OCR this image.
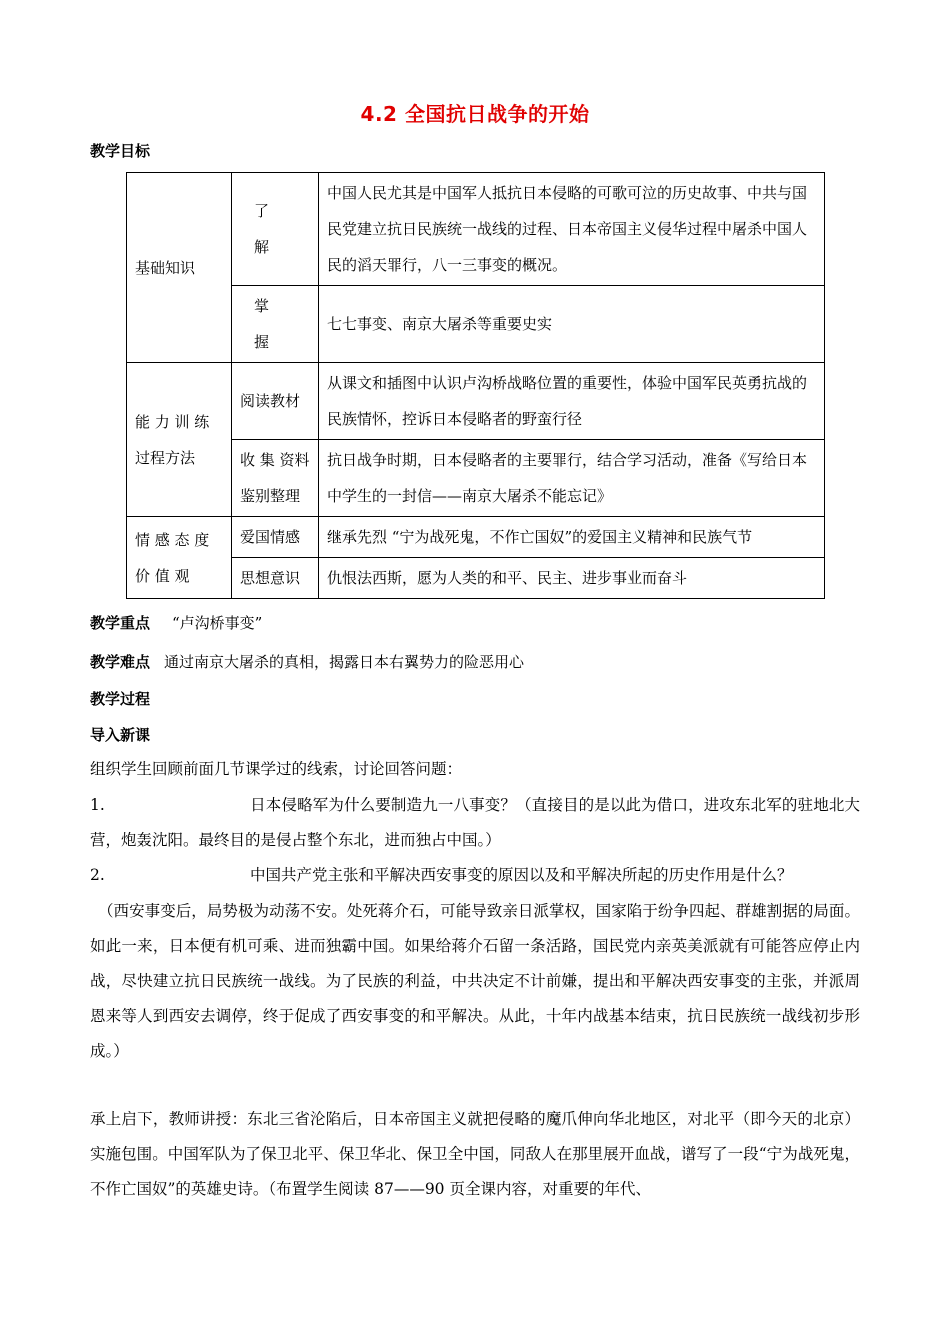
4.2 全国抗日战争的开始
教学目标
基础知识	了 解	中国人民尤其是中国军人抵抗日本侵略的可歌可泣的历史故事、中共与国民党建立抗日民族统一战线的过程、日本帝国主义侵华过程中屠杀中国人民的滔天罪行，八一三事变的概况。
	掌 握	七七事变、南京大屠杀等重要史实

能 力 训 练
过程方法	阅读教材	从课文和插图中认识卢沟桥战略位置的重要性，体验中国军民英勇抗战的民族情怀，控诉日本侵略者的野蛮行径
	收 集 资料鉴别整理	抗日战争时期，日本侵略者的主要罪行，结合学习活动，准备《写给日本中学生的一封信——南京大屠杀不能忘记》

情 感 态 度
价 值 观	爱国情感	继承先烈 “宁为战死鬼，不作亡国奴”的爱国主义精神和民族气节
	思想意识	仇恨法西斯，愿为人类的和平、民主、进步事业而奋斗
教学重点 “卢沟桥事变”
教学难点 通过南京大屠杀的真相，揭露日本右翼势力的险恶用心
教学过程
导入新课
组织学生回顾前面几节课学过的线索，讨论回答问题：
1.	日本侵略军为什么要制造九一八事变？（直接目的是以此为借口，进攻东北军的驻地北大营，炮轰沈阳。最终目的是侵占整个东北，进而独占中国。）
2.	中国共产党主张和平解决西安事变的原因以及和平解决所起的历史作用是什么？
（西安事变后，局势极为动荡不安。处死蒋介石，可能导致亲日派掌权，国家陷于纷争四起、群雄割据的局面。如此一来，日本便有机可乘、进而独霸中国。如果给蒋介石留一条活路，国民党内亲英美派就有可能答应停止内战，尽快建立抗日民族统一战线。为了民族的利益，中共决定不计前嫌，提出和平解决西安事变的主张，并派周恩来等人到西安去调停，终于促成了西安事变的和平解决。从此，十年内战基本结束，抗日民族统一战线初步形成。）
承上启下，教师讲授：东北三省沦陷后，日本帝国主义就把侵略的魔爪伸向华北地区，对北平（即今天的北京）实施包围。中国军队为了保卫北平、保卫华北、保卫全中国，同敌人在那里展开血战，谱写了一段“宁为战死鬼，不作亡国奴”的英雄史诗。（布置学生阅读 87——90 页全课内容，对重要的年代、
